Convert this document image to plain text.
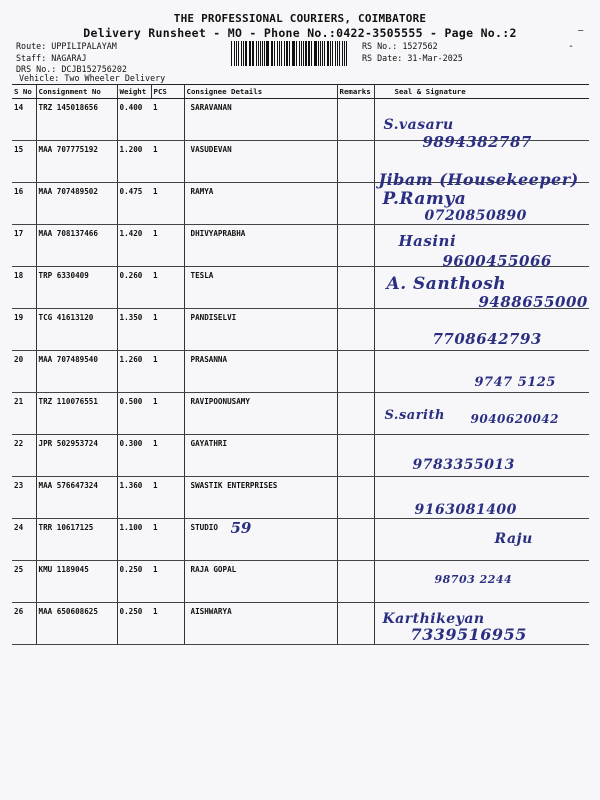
THE PROFESSIONAL COURIERS, COIMBATORE
Delivery Runsheet - MO - Phone No.:0422-3505555 - Page No.:2	—
Route: UPPILIPALAYAM
Staff: NAGARAJ
DRS No.: DCJB152756202
Vehicle: Two Wheeler Delivery
RS No.: 1527562
RS Date: 31-Mar-2025
-
S No	Consignment No	Weight	PCS	Consignee Details	Remarks	Seal & Signature
14	TRZ 145018656	0.400	1	SARAVANAN		S.vasaru
9894382787

15	MAA 707775192	1.200	1	VASUDEVAN		Jibam (Housekeeper)

16	MAA 707489502	0.475	1	RAMYA		P.Ramya
0720850890

17	MAA 708137466	1.420	1	DHIVYAPRABHA		Hasini
9600455066

18	TRP 6330409	0.260	1	TESLA		A. Santhosh
9488655000

19	TCG 41613120	1.350	1	PANDISELVI		7708642793

20	MAA 707489540	1.260	1	PRASANNA		9747 5125

21	TRZ 110076551	0.500	1	RAVIPOONUSAMY		S.sarith 9040620042

22	JPR 502953724	0.300	1	GAYATHRI		9783355013

23	MAA 576647324	1.360	1	SWASTIK ENTERPRISES		9163081400

24	TRR 10617125	1.100	1	STUDIO 59		Raju

25	KMU 1189045	0.250	1	RAJA GOPAL		98703 2244

26	MAA 650608625	0.250	1	AISHWARYA		Karthikeyan
7339516955
